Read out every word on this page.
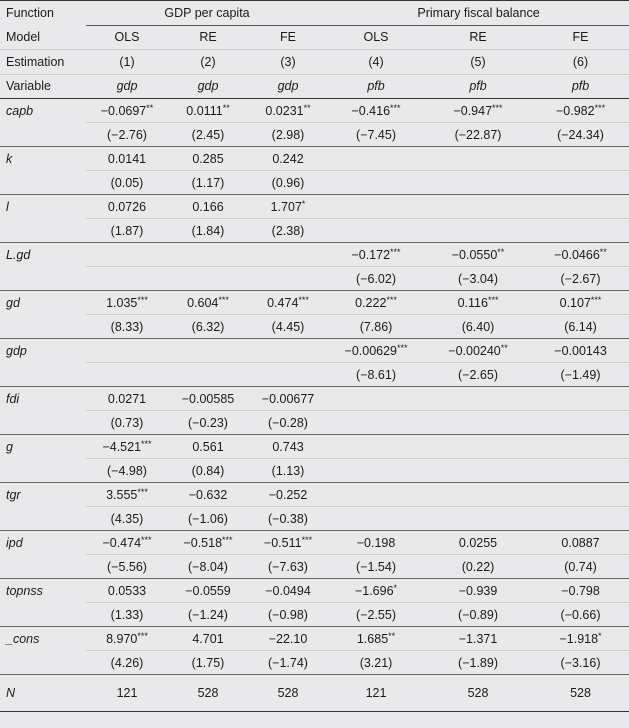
Function	GDP per capita			Primary fiscal balance		
Model	OLS	RE	FE	OLS	RE	FE
Estimation	(1)	(2)	(3)	(4)	(5)	(6)
Variable	gdp	gdp	gdp	pfb	pfb	pfb
capb	−0.0697**	0.0111**	0.0231**	−0.416***	−0.947***	−0.982***
	(−2.76)	(2.45)	(2.98)	(−7.45)	(−22.87)	(−24.34)
k	0.0141	0.285	0.242			
	(0.05)	(1.17)	(0.96)			
l	0.0726	0.166	1.707*			
	(1.87)	(1.84)	(2.38)			
L.gd				−0.172***	−0.0550**	−0.0466**
				(−6.02)	(−3.04)	(−2.67)
gd	1.035***	0.604***	0.474***	0.222***	0.116***	0.107***
	(8.33)	(6.32)	(4.45)	(7.86)	(6.40)	(6.14)
gdp				−0.00629***	−0.00240**	−0.00143
				(−8.61)	(−2.65)	(−1.49)
fdi	0.0271	−0.00585	−0.00677			
	(0.73)	(−0.23)	(−0.28)			
g	−4.521***	0.561	0.743			
	(−4.98)	(0.84)	(1.13)			
tgr	3.555***	−0.632	−0.252			
	(4.35)	(−1.06)	(−0.38)			
ipd	−0.474***	−0.518***	−0.511***	−0.198	0.0255	0.0887
	(−5.56)	(−8.04)	(−7.63)	(−1.54)	(0.22)	(0.74)
topnss	0.0533	−0.0559	−0.0494	−1.696*	−0.939	−0.798
	(1.33)	(−1.24)	(−0.98)	(−2.55)	(−0.89)	(−0.66)
_cons	8.970***	4.701	−22.10	1.685**	−1.371	−1.918*
	(4.26)	(1.75)	(−1.74)	(3.21)	(−1.89)	(−3.16)
N	121	528	528	121	528	528
